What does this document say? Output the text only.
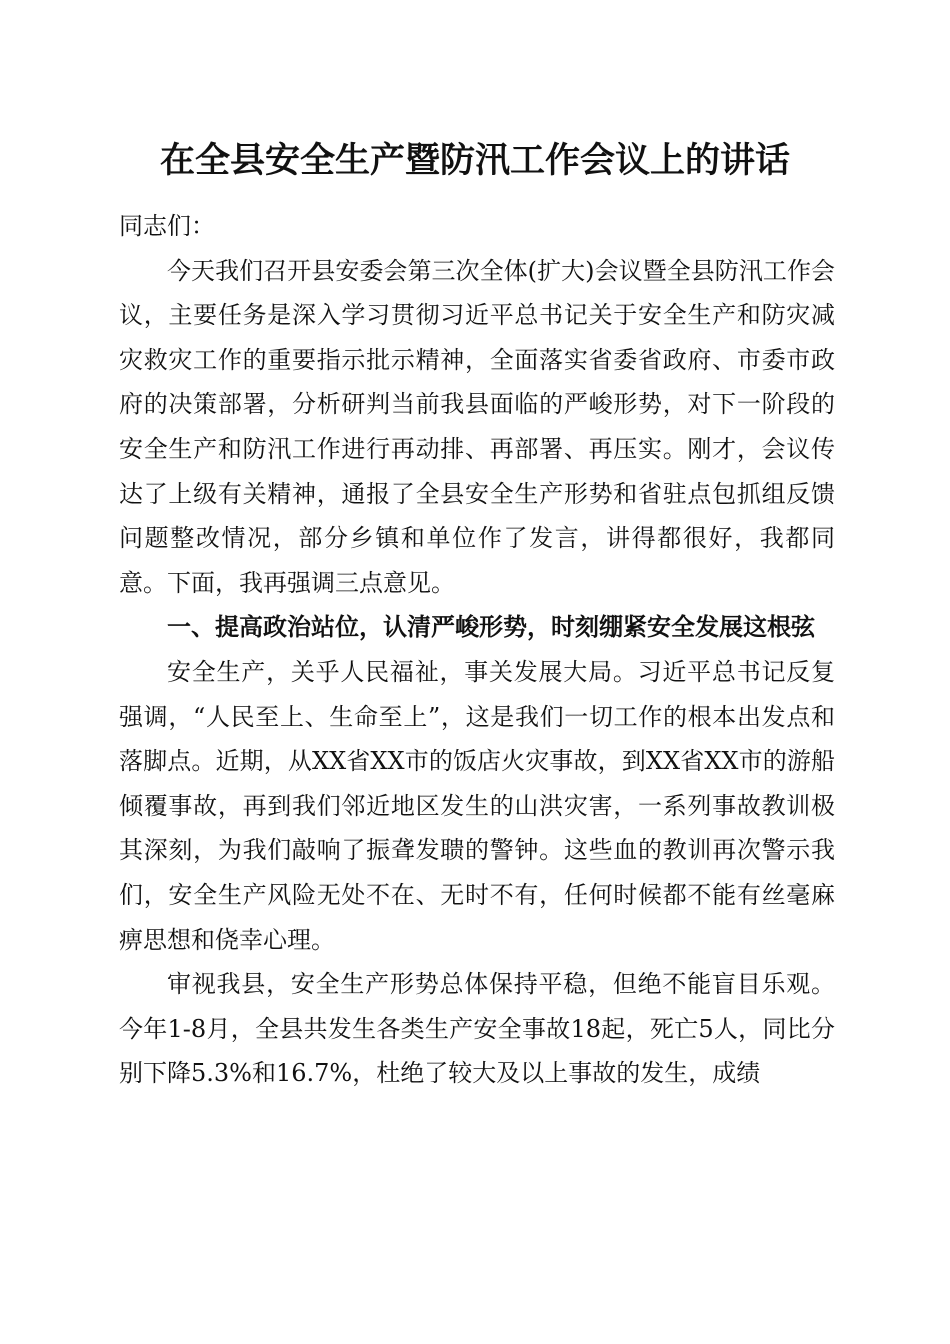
在全县安全生产暨防汛工作会议上的讲话

同志们：

今天我们召开县安委会第三次全体(扩大)会议暨全县防汛工作会议，主要任务是深入学习贯彻习近平总书记关于安全生产和防灾减灾救灾工作的重要指示批示精神，全面落实省委省政府、市委市政府的决策部署，分析研判当前我县面临的严峻形势，对下一阶段的安全生产和防汛工作进行再动排、再部署、再压实。刚才，会议传达了上级有关精神，通报了全县安全生产形势和省驻点包抓组反馈问题整改情况，部分乡镇和单位作了发言，讲得都很好，我都同意。下面，我再强调三点意见。

一、提高政治站位，认清严峻形势，时刻绷紧安全发展这根弦

安全生产，关乎人民福祉，事关发展大局。习近平总书记反复强调，“人民至上、生命至上”，这是我们一切工作的根本出发点和落脚点。近期，从XX省XX市的饭店火灾事故，到XX省XX市的游船倾覆事故，再到我们邻近地区发生的山洪灾害，一系列事故教训极其深刻，为我们敲响了振聋发聩的警钟。这些血的教训再次警示我们，安全生产风险无处不在、无时不有，任何时候都不能有丝毫麻痹思想和侥幸心理。

审视我县，安全生产形势总体保持平稳，但绝不能盲目乐观。今年1-8月，全县共发生各类生产安全事故18起，死亡5人，同比分别下降5.3%和16.7%，杜绝了较大及以上事故的发生，成绩
